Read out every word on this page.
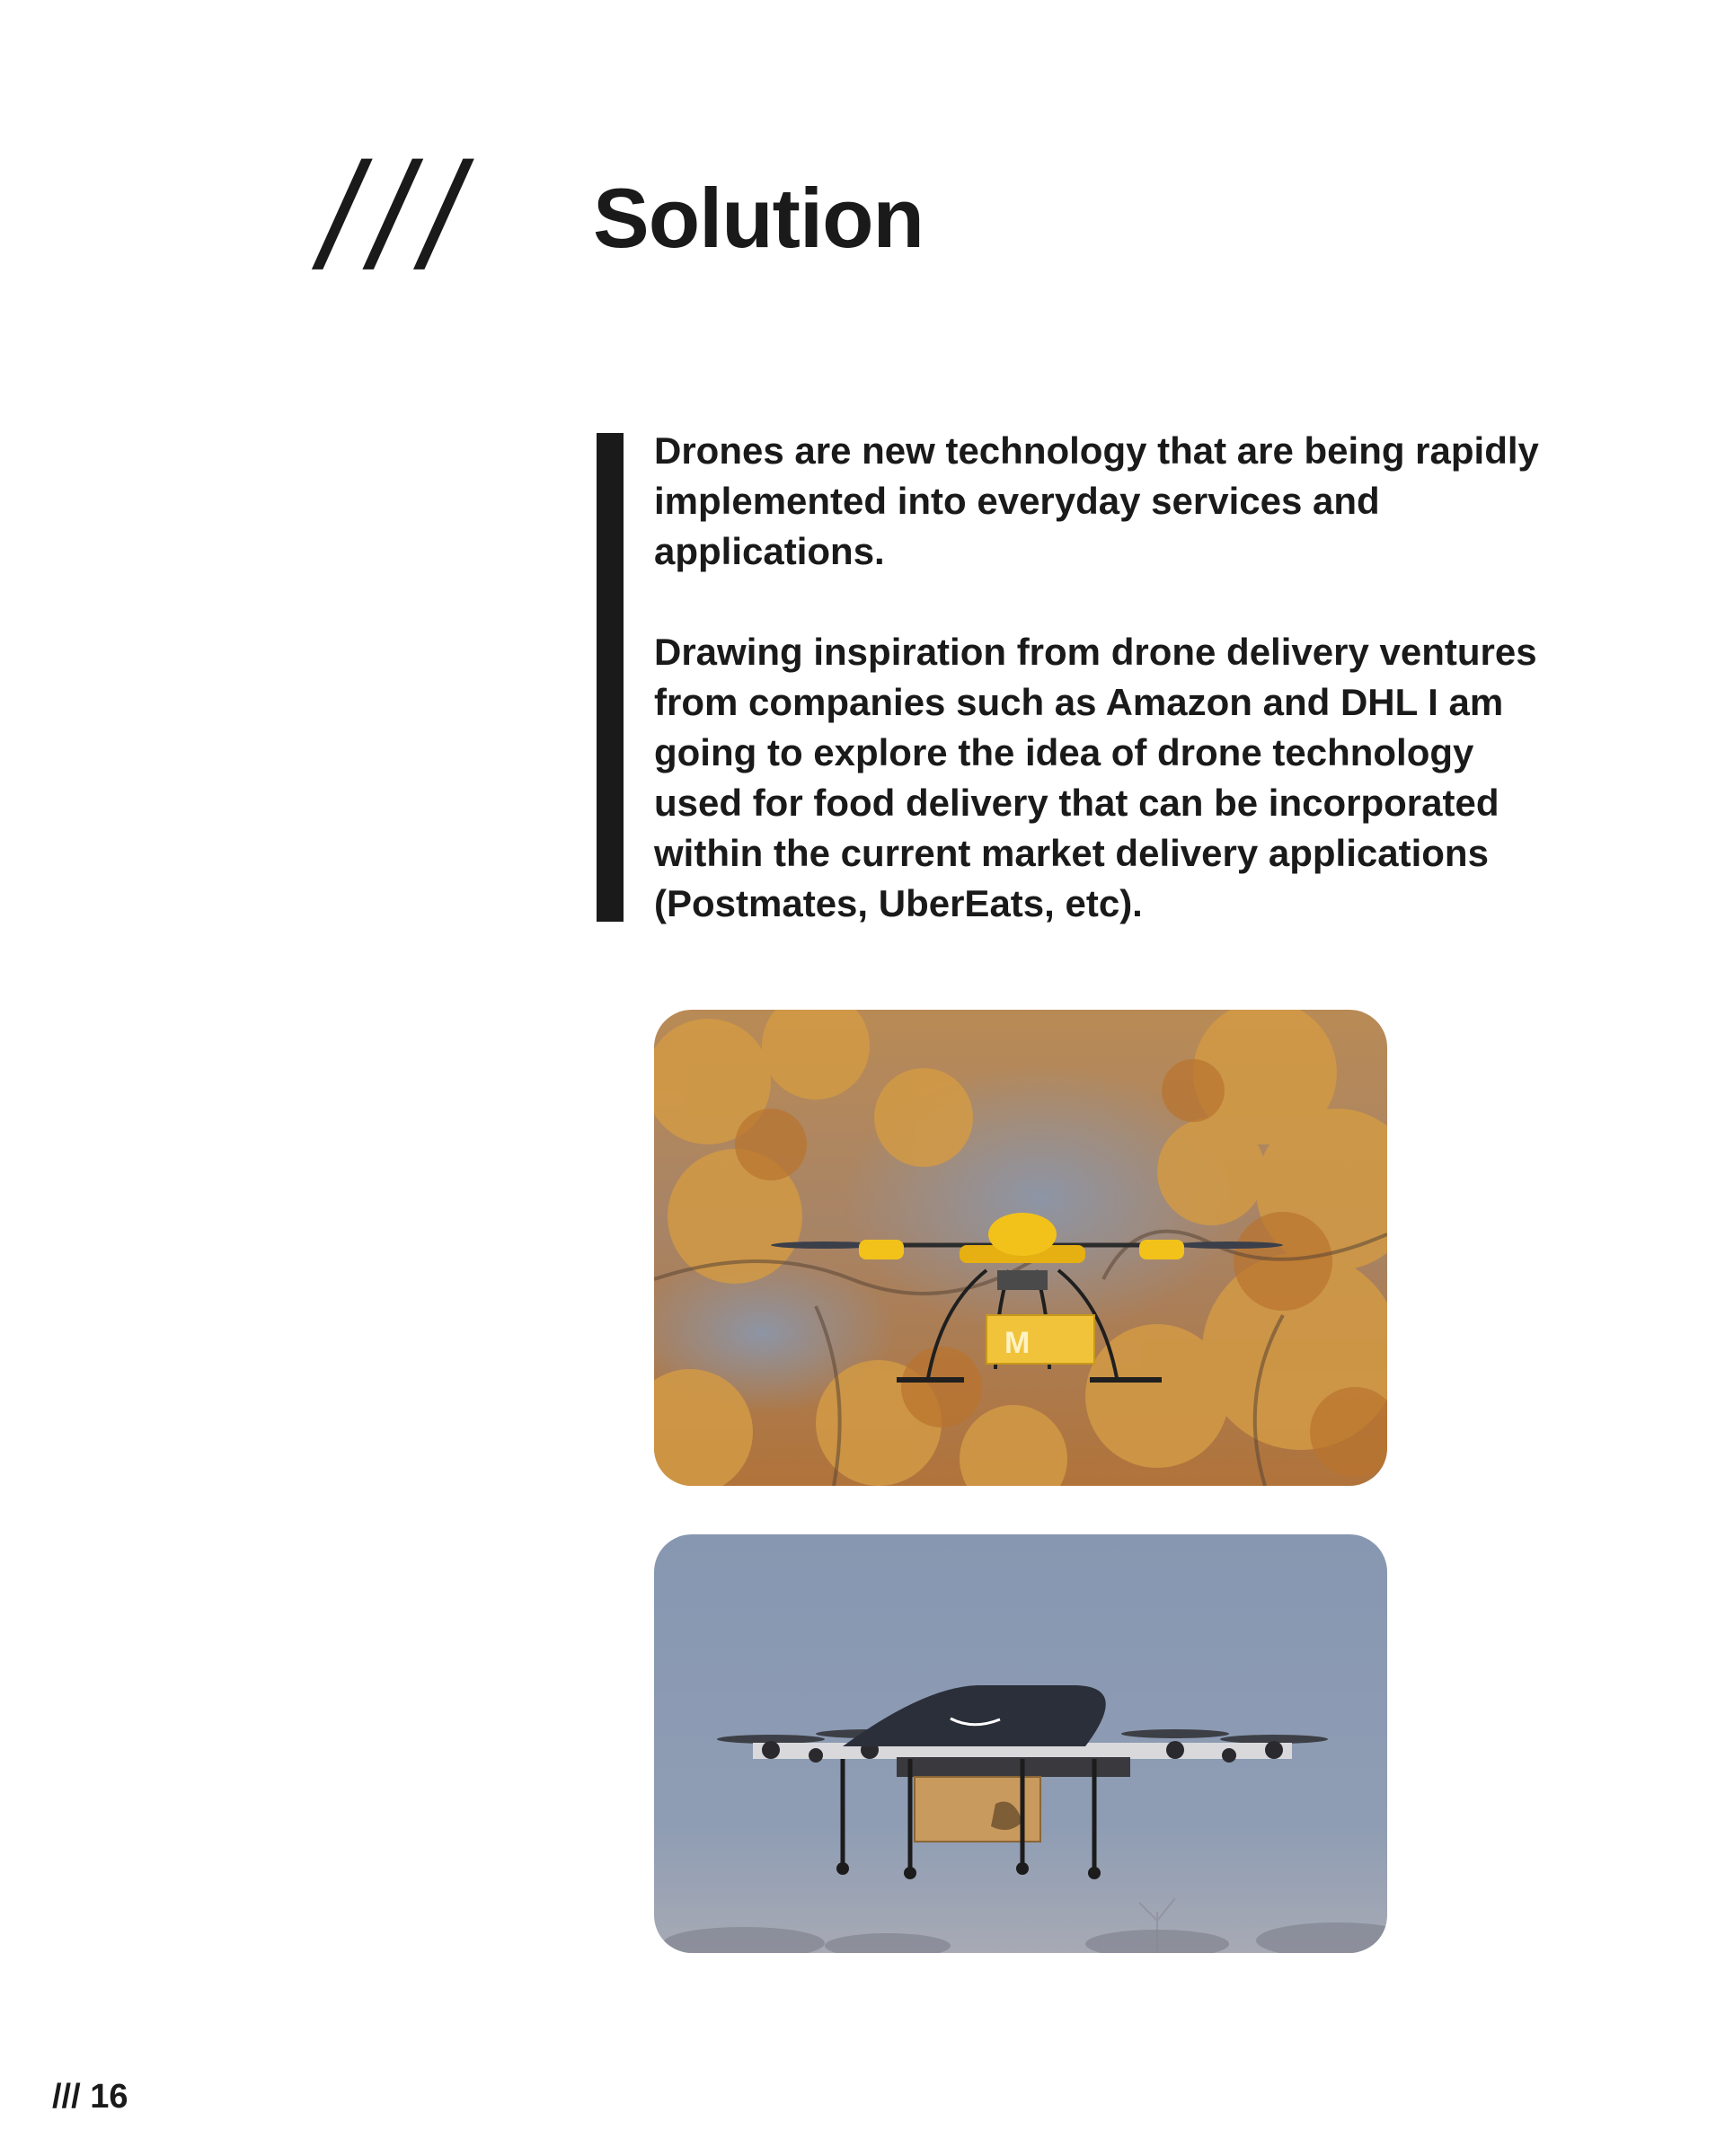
/// Solution

Drones are new technology that are being rapidly implemented into everyday services and applications.

Drawing inspiration from drone delivery ventures from companies such as Amazon and DHL I am going to explore the idea of drone technology used for food delivery that can be incorporated within the current market delivery applications (Postmates, UberEats, etc).

M
/// 16
